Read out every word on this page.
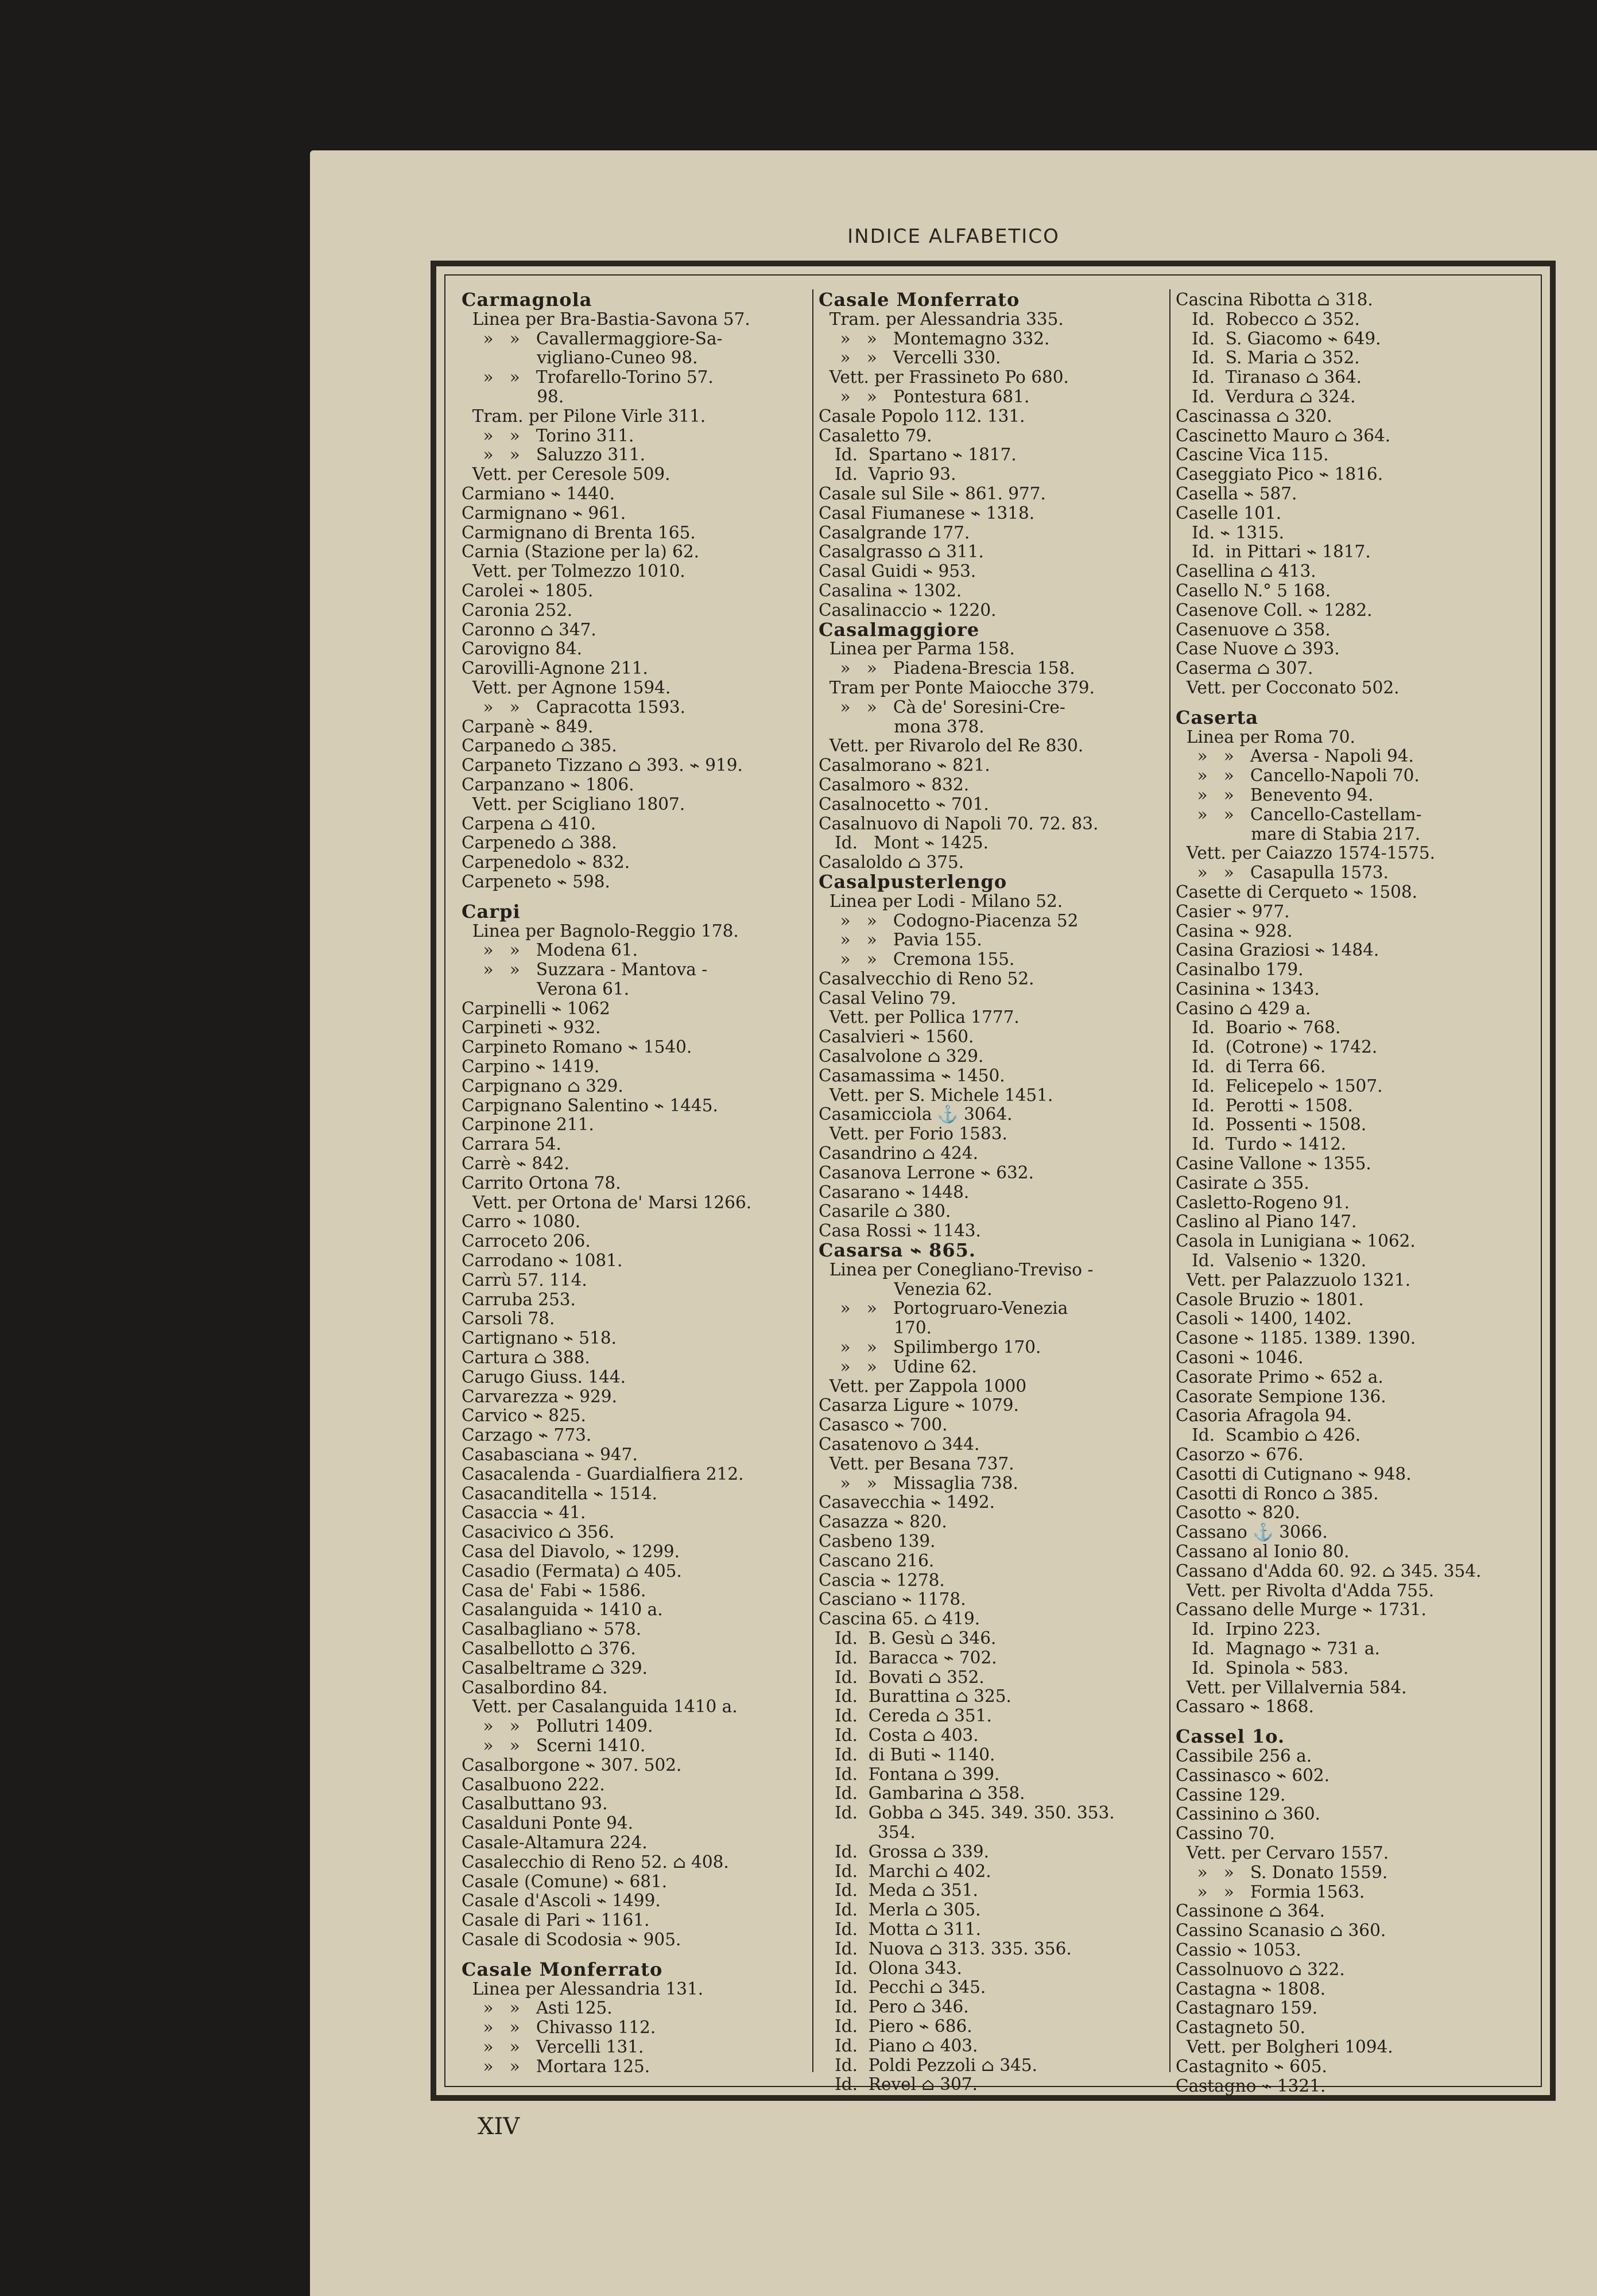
INDICE ALFABETICO
Carmagnola
Linea per Bra-Bastia-Savona 57.
»   »   Cavallermaggiore-Sa-
vigliano-Cuneo 98.
»   »   Trofarello-Torino 57.
98.
Tram. per Pilone Virle 311.
»   »   Torino 311.
»   »   Saluzzo 311.
Vett. per Ceresole 509.
Carmiano ⌁ 1440.
Carmignano ⌁ 961.
Carmignano di Brenta 165.
Carnia (Stazione per la) 62.
Vett. per Tolmezzo 1010.
Carolei ⌁ 1805.
Caronia 252.
Caronno ⌂ 347.
Carovigno 84.
Carovilli-Agnone 211.
Vett. per Agnone 1594.
»   »   Capracotta 1593.
Carpanè ⌁ 849.
Carpanedo ⌂ 385.
Carpaneto Tizzano ⌂ 393. ⌁ 919.
Carpanzano ⌁ 1806.
Vett. per Scigliano 1807.
Carpena ⌂ 410.
Carpenedo ⌂ 388.
Carpenedolo ⌁ 832.
Carpeneto ⌁ 598.
Carpi
Linea per Bagnolo-Reggio 178.
»   »   Modena 61.
»   »   Suzzara - Mantova -
Verona 61.
Carpinelli ⌁ 1062
Carpineti ⌁ 932.
Carpineto Romano ⌁ 1540.
Carpino ⌁ 1419.
Carpignano ⌂ 329.
Carpignano Salentino ⌁ 1445.
Carpinone 211.
Carrara 54.
Carrè ⌁ 842.
Carrito Ortona 78.
Vett. per Ortona de' Marsi 1266.
Carro ⌁ 1080.
Carroceto 206.
Carrodano ⌁ 1081.
Carrù 57. 114.
Carruba 253.
Carsoli 78.
Cartignano ⌁ 518.
Cartura ⌂ 388.
Carugo Giuss. 144.
Carvarezza ⌁ 929.
Carvico ⌁ 825.
Carzago ⌁ 773.
Casabasciana ⌁ 947.
Casacalenda - Guardialfiera 212.
Casacanditella ⌁ 1514.
Casaccia ⌁ 41.
Casacivico ⌂ 356.
Casa del Diavolo, ⌁ 1299.
Casadio (Fermata) ⌂ 405.
Casa de' Fabi ⌁ 1586.
Casalanguida ⌁ 1410 a.
Casalbagliano ⌁ 578.
Casalbellotto ⌂ 376.
Casalbeltrame ⌂ 329.
Casalbordino 84.
Vett. per Casalanguida 1410 a.
»   »   Pollutri 1409.
»   »   Scerni 1410.
Casalborgone ⌁ 307. 502.
Casalbuono 222.
Casalbuttano 93.
Casalduni Ponte 94.
Casale-Altamura 224.
Casalecchio di Reno 52. ⌂ 408.
Casale (Comune) ⌁ 681.
Casale d'Ascoli ⌁ 1499.
Casale di Pari ⌁ 1161.
Casale di Scodosia ⌁ 905.
Casale Monferrato
Linea per Alessandria 131.
»   »   Asti 125.
»   »   Chivasso 112.
»   »   Vercelli 131.
»   »   Mortara 125.
Casale Monferrato
Tram. per Alessandria 335.
»   »   Montemagno 332.
»   »   Vercelli 330.
Vett. per Frassineto Po 680.
»   »   Pontestura 681.
Casale Popolo 112. 131.
Casaletto 79.
Id.  Spartano ⌁ 1817.
Id.  Vaprio 93.
Casale sul Sile ⌁ 861. 977.
Casal Fiumanese ⌁ 1318.
Casalgrande 177.
Casalgrasso ⌂ 311.
Casal Guidi ⌁ 953.
Casalina ⌁ 1302.
Casalinaccio ⌁ 1220.
Casalmaggiore
Linea per Parma 158.
»   »   Piadena-Brescia 158.
Tram per Ponte Maiocche 379.
»   »   Cà de' Soresini-Cre-
mona 378.
Vett. per Rivarolo del Re 830.
Casalmorano ⌁ 821.
Casalmoro ⌁ 832.
Casalnocetto ⌁ 701.
Casalnuovo di Napoli 70. 72. 83.
Id.   Mont ⌁ 1425.
Casaloldo ⌂ 375.
Casalpusterlengo
Linea per Lodi - Milano 52.
»   »   Codogno-Piacenza 52
»   »   Pavia 155.
»   »   Cremona 155.
Casalvecchio di Reno 52.
Casal Velino 79.
Vett. per Pollica 1777.
Casalvieri ⌁ 1560.
Casalvolone ⌂ 329.
Casamassima ⌁ 1450.
Vett. per S. Michele 1451.
Casamicciola ⚓ 3064.
Vett. per Forio 1583.
Casandrino ⌂ 424.
Casanova Lerrone ⌁ 632.
Casarano ⌁ 1448.
Casarile ⌂ 380.
Casa Rossi ⌁ 1143.
Casarsa ⌁ 865.
Linea per Conegliano-Treviso -
Venezia 62.
»   »   Portogruaro-Venezia
170.
»   »   Spilimbergo 170.
»   »   Udine 62.
Vett. per Zappola 1000
Casarza Ligure ⌁ 1079.
Casasco ⌁ 700.
Casatenovo ⌂ 344.
Vett. per Besana 737.
»   »   Missaglia 738.
Casavecchia ⌁ 1492.
Casazza ⌁ 820.
Casbeno 139.
Cascano 216.
Cascia ⌁ 1278.
Casciano ⌁ 1178.
Cascina 65. ⌂ 419.
Id.  B. Gesù ⌂ 346.
Id.  Baracca ⌁ 702.
Id.  Bovati ⌂ 352.
Id.  Burattina ⌂ 325.
Id.  Cereda ⌂ 351.
Id.  Costa ⌂ 403.
Id.  di Buti ⌁ 1140.
Id.  Fontana ⌂ 399.
Id.  Gambarina ⌂ 358.
Id.  Gobba ⌂ 345. 349. 350. 353.
354.
Id.  Grossa ⌂ 339.
Id.  Marchi ⌂ 402.
Id.  Meda ⌂ 351.
Id.  Merla ⌂ 305.
Id.  Motta ⌂ 311.
Id.  Nuova ⌂ 313. 335. 356.
Id.  Olona 343.
Id.  Pecchi ⌂ 345.
Id.  Pero ⌂ 346.
Id.  Piero ⌁ 686.
Id.  Piano ⌂ 403.
Id.  Poldi Pezzoli ⌂ 345.
Id.  Revel ⌂ 307.
Cascina Ribotta ⌂ 318.
Id.  Robecco ⌂ 352.
Id.  S. Giacomo ⌁ 649.
Id.  S. Maria ⌂ 352.
Id.  Tiranaso ⌂ 364.
Id.  Verdura ⌂ 324.
Cascinassa ⌂ 320.
Cascinetto Mauro ⌂ 364.
Cascine Vica 115.
Caseggiato Pico ⌁ 1816.
Casella ⌁ 587.
Caselle 101.
Id. ⌁ 1315.
Id.  in Pittari ⌁ 1817.
Casellina ⌂ 413.
Casello N.° 5 168.
Casenove Coll. ⌁ 1282.
Casenuove ⌂ 358.
Case Nuove ⌂ 393.
Caserma ⌂ 307.
Vett. per Cocconato 502.
Caserta
Linea per Roma 70.
»   »   Aversa - Napoli 94.
»   »   Cancello-Napoli 70.
»   »   Benevento 94.
»   »   Cancello-Castellam-
mare di Stabia 217.
Vett. per Caiazzo 1574-1575.
»   »   Casapulla 1573.
Casette di Cerqueto ⌁ 1508.
Casier ⌁ 977.
Casina ⌁ 928.
Casina Graziosi ⌁ 1484.
Casinalbo 179.
Casinina ⌁ 1343.
Casino ⌂ 429 a.
Id.  Boario ⌁ 768.
Id.  (Cotrone) ⌁ 1742.
Id.  di Terra 66.
Id.  Felicepelo ⌁ 1507.
Id.  Perotti ⌁ 1508.
Id.  Possenti ⌁ 1508.
Id.  Turdo ⌁ 1412.
Casine Vallone ⌁ 1355.
Casirate ⌂ 355.
Casletto-Rogeno 91.
Caslino al Piano 147.
Casola in Lunigiana ⌁ 1062.
Id.  Valsenio ⌁ 1320.
Vett. per Palazzuolo 1321.
Casole Bruzio ⌁ 1801.
Casoli ⌁ 1400, 1402.
Casone ⌁ 1185. 1389. 1390.
Casoni ⌁ 1046.
Casorate Primo ⌁ 652 a.
Casorate Sempione 136.
Casoria Afragola 94.
Id.  Scambio ⌂ 426.
Casorzo ⌁ 676.
Casotti di Cutignano ⌁ 948.
Casotti di Ronco ⌂ 385.
Casotto ⌁ 820.
Cassano ⚓ 3066.
Cassano al Ionio 80.
Cassano d'Adda 60. 92. ⌂ 345. 354.
Vett. per Rivolta d'Adda 755.
Cassano delle Murge ⌁ 1731.
Id.  Irpino 223.
Id.  Magnago ⌁ 731 a.
Id.  Spinola ⌁ 583.
Vett. per Villalvernia 584.
Cassaro ⌁ 1868.
Cassel 1o.
Cassibile 256 a.
Cassinasco ⌁ 602.
Cassine 129.
Cassinino ⌂ 360.
Cassino 70.
Vett. per Cervaro 1557.
»   »   S. Donato 1559.
»   »   Formia 1563.
Cassinone ⌂ 364.
Cassino Scanasio ⌂ 360.
Cassio ⌁ 1053.
Cassolnuovo ⌂ 322.
Castagna ⌁ 1808.
Castagnaro 159.
Castagneto 50.
Vett. per Bolgheri 1094.
Castagnito ⌁ 605.
Castagno ⌁ 1321.
XIV
